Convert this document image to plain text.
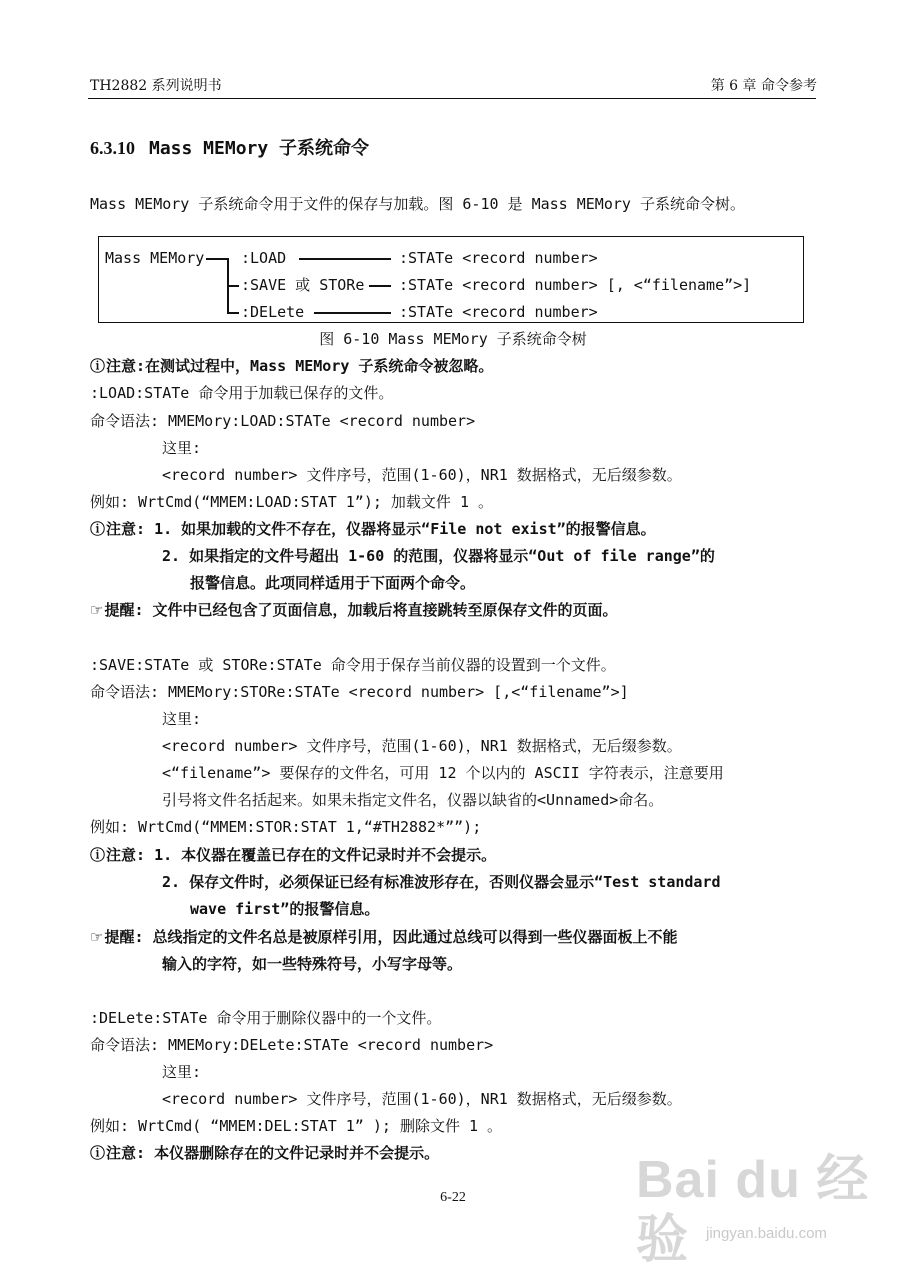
TH2882 系列说明书	第 6 章 命令参考
6.3.10 Mass MEMory 子系统命令
Mass MEMory 子系统命令用于文件的保存与加载。图 6-10 是 Mass MEMory 子系统命令树。
Mass MEMory :LOAD	:STATe <record number>
:SAVE 或 STORe :STATe <record number> [, <“filename”>]
:DELete	:STATe <record number>
图 6-10 Mass MEMory 子系统命令树
ⓘ注意:在测试过程中，Mass MEMory 子系统命令被忽略。
:LOAD:STATe 命令用于加载已保存的文件。
命令语法: MMEMory:LOAD:STATe <record number>
这里:
<record number> 文件序号，范围(1-60)，NR1 数据格式，无后缀参数。
例如: WrtCmd(“MMEM:LOAD:STAT 1”); 加载文件 1 。
ⓘ注意: 1. 如果加载的文件不存在，仪器将显示“File not exist”的报警信息。
2. 如果指定的文件号超出 1-60 的范围，仪器将显示“Out of file range”的
报警信息。此项同样适用于下面两个命令。
☞提醒: 文件中已经包含了页面信息，加载后将直接跳转至原保存文件的页面。
:SAVE:STATe 或 STORe:STATe 命令用于保存当前仪器的设置到一个文件。
命令语法: MMEMory:STORe:STATe <record number> [,<“filename”>]
这里:
<record number> 文件序号，范围(1-60)，NR1 数据格式，无后缀参数。
<“filename”> 要保存的文件名，可用 12 个以内的 ASCII 字符表示，注意要用
引号将文件名括起来。如果未指定文件名，仪器以缺省的<Unnamed>命名。
例如: WrtCmd(“MMEM:STOR:STAT 1,“#TH2882*””);
ⓘ注意: 1. 本仪器在覆盖已存在的文件记录时并不会提示。
2. 保存文件时，必须保证已经有标准波形存在，否则仪器会显示“Test standard
wave first”的报警信息。
☞提醒: 总线指定的文件名总是被原样引用，因此通过总线可以得到一些仪器面板上不能
输入的字符，如一些特殊符号，小写字母等。
:DELete:STATe 命令用于删除仪器中的一个文件。
命令语法: MMEMory:DELete:STATe <record number>
这里:
<record number> 文件序号，范围(1-60)，NR1 数据格式，无后缀参数。
例如: WrtCmd( “MMEM:DEL:STAT 1” ); 删除文件 1 。
ⓘ注意: 本仪器删除存在的文件记录时并不会提示。
6-22	Bai du 经验	jingyan.baidu.com
